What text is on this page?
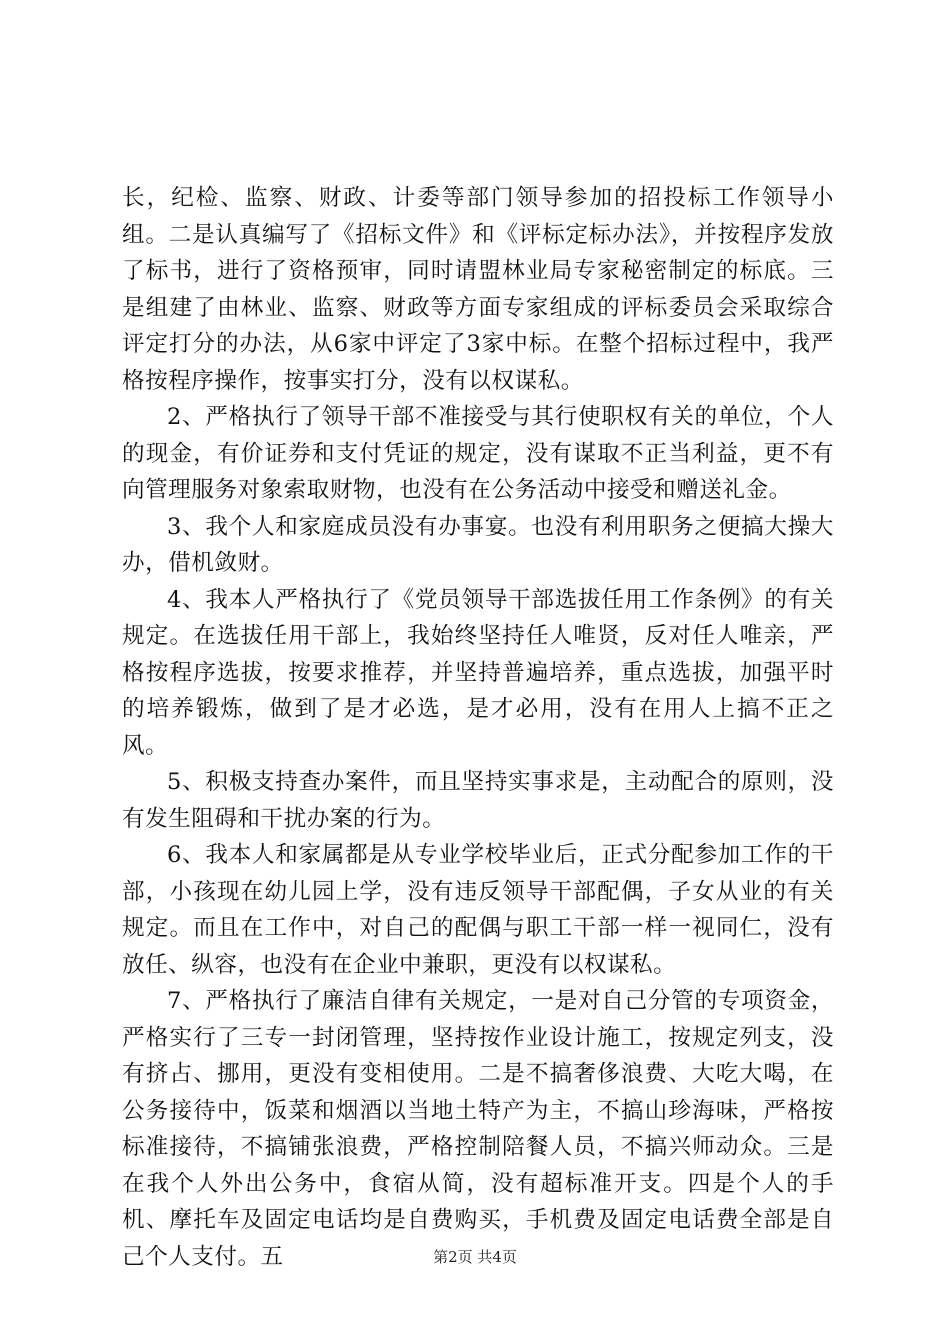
长，纪检、监察、财政、计委等部门领导参加的招投标工作领导小组。二是认真编写了《招标文件》和《评标定标办法》，并按程序发放了标书，进行了资格预审，同时请盟林业局专家秘密制定的标底。三是组建了由林业、监察、财政等方面专家组成的评标委员会采取综合评定打分的办法，从6家中评定了3家中标。在整个招标过程中，我严格按程序操作，按事实打分，没有以权谋私。

2、严格执行了领导干部不准接受与其行使职权有关的单位，个人的现金，有价证券和支付凭证的规定，没有谋取不正当利益，更不有向管理服务对象索取财物，也没有在公务活动中接受和赠送礼金。

3、我个人和家庭成员没有办事宴。也没有利用职务之便搞大操大办，借机敛财。

4、我本人严格执行了《党员领导干部选拔任用工作条例》的有关规定。在选拔任用干部上，我始终坚持任人唯贤，反对任人唯亲，严格按程序选拔，按要求推荐，并坚持普遍培养，重点选拔，加强平时的培养锻炼，做到了是才必选，是才必用，没有在用人上搞不正之风。

5、积极支持查办案件，而且坚持实事求是，主动配合的原则，没有发生阻碍和干扰办案的行为。

6、我本人和家属都是从专业学校毕业后，正式分配参加工作的干部，小孩现在幼儿园上学，没有违反领导干部配偶，子女从业的有关规定。而且在工作中，对自己的配偶与职工干部一样一视同仁，没有放任、纵容，也没有在企业中兼职，更没有以权谋私。

7、严格执行了廉洁自律有关规定，一是对自己分管的专项资金，严格实行了三专一封闭管理，坚持按作业设计施工，按规定列支，没有挤占、挪用，更没有变相使用。二是不搞奢侈浪费、大吃大喝，在公务接待中，饭菜和烟酒以当地土特产为主，不搞山珍海味，严格按标准接待，不搞铺张浪费，严格控制陪餐人员，不搞兴师动众。三是在我个人外出公务中，食宿从简，没有超标准开支。四是个人的手机、摩托车及固定电话均是自费购买，手机费及固定电话费全部是自己个人支付。五	第2页 共4页
